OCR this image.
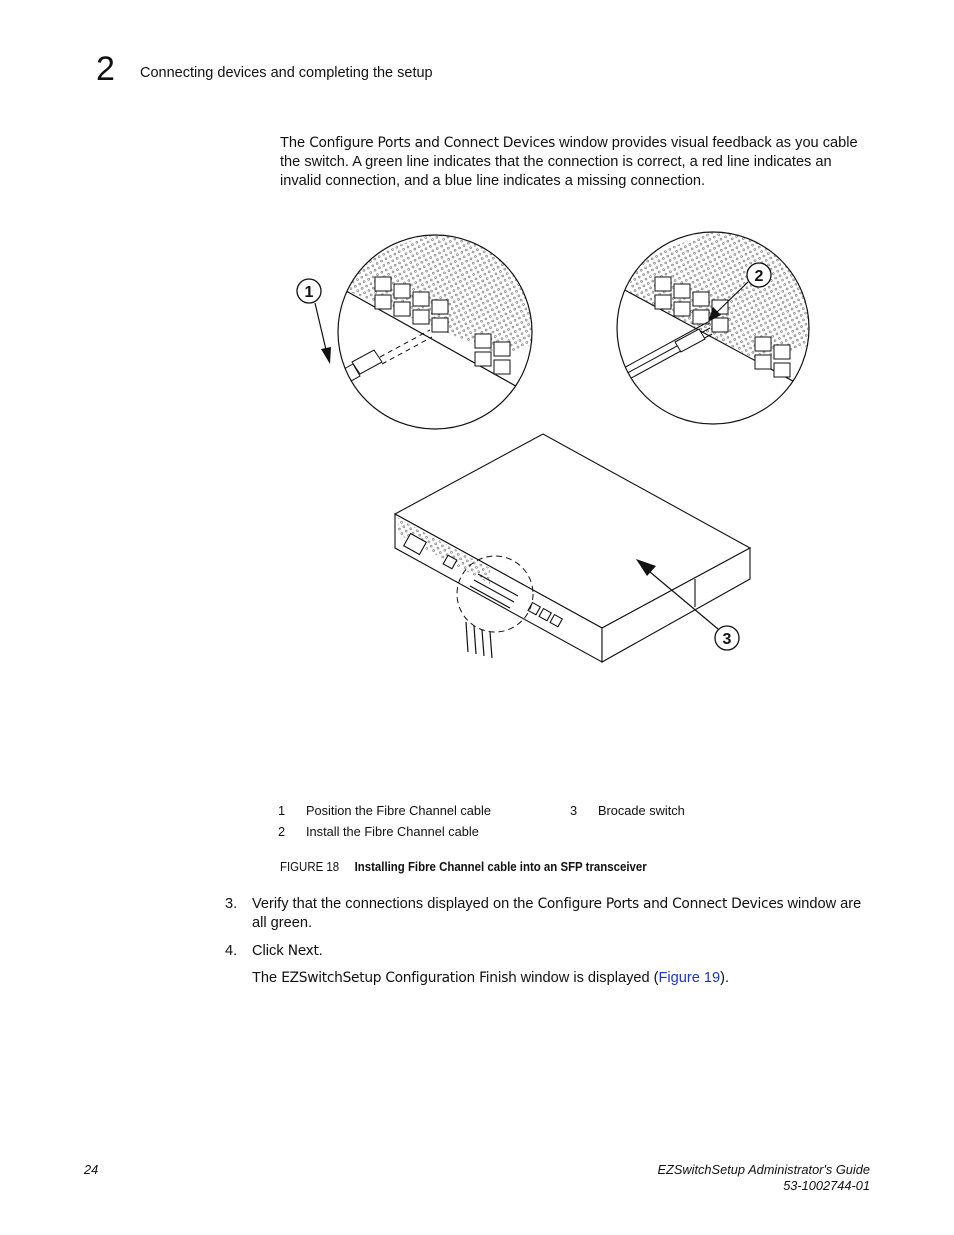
2 Connecting devices and completing the setup

The Configure Ports and Connect Devices window provides visual feedback as you cable the switch. A green line indicates that the connection is correct, a red line indicates an invalid connection, and a blue line indicates a missing connection.

1
2
3
1 Position the Fibre Channel cable
2 Install the Fibre Channel cable
3 Brocade switch
FIGURE 18 Installing Fibre Channel cable into an SFP transceiver
3. Verify that the connections displayed on the Configure Ports and Connect Devices window are all green.
4. Click Next.
The EZSwitchSetup Configuration Finish window is displayed (Figure 19).
24	EZSwitchSetup Administrator's Guide
53-1002744-01
